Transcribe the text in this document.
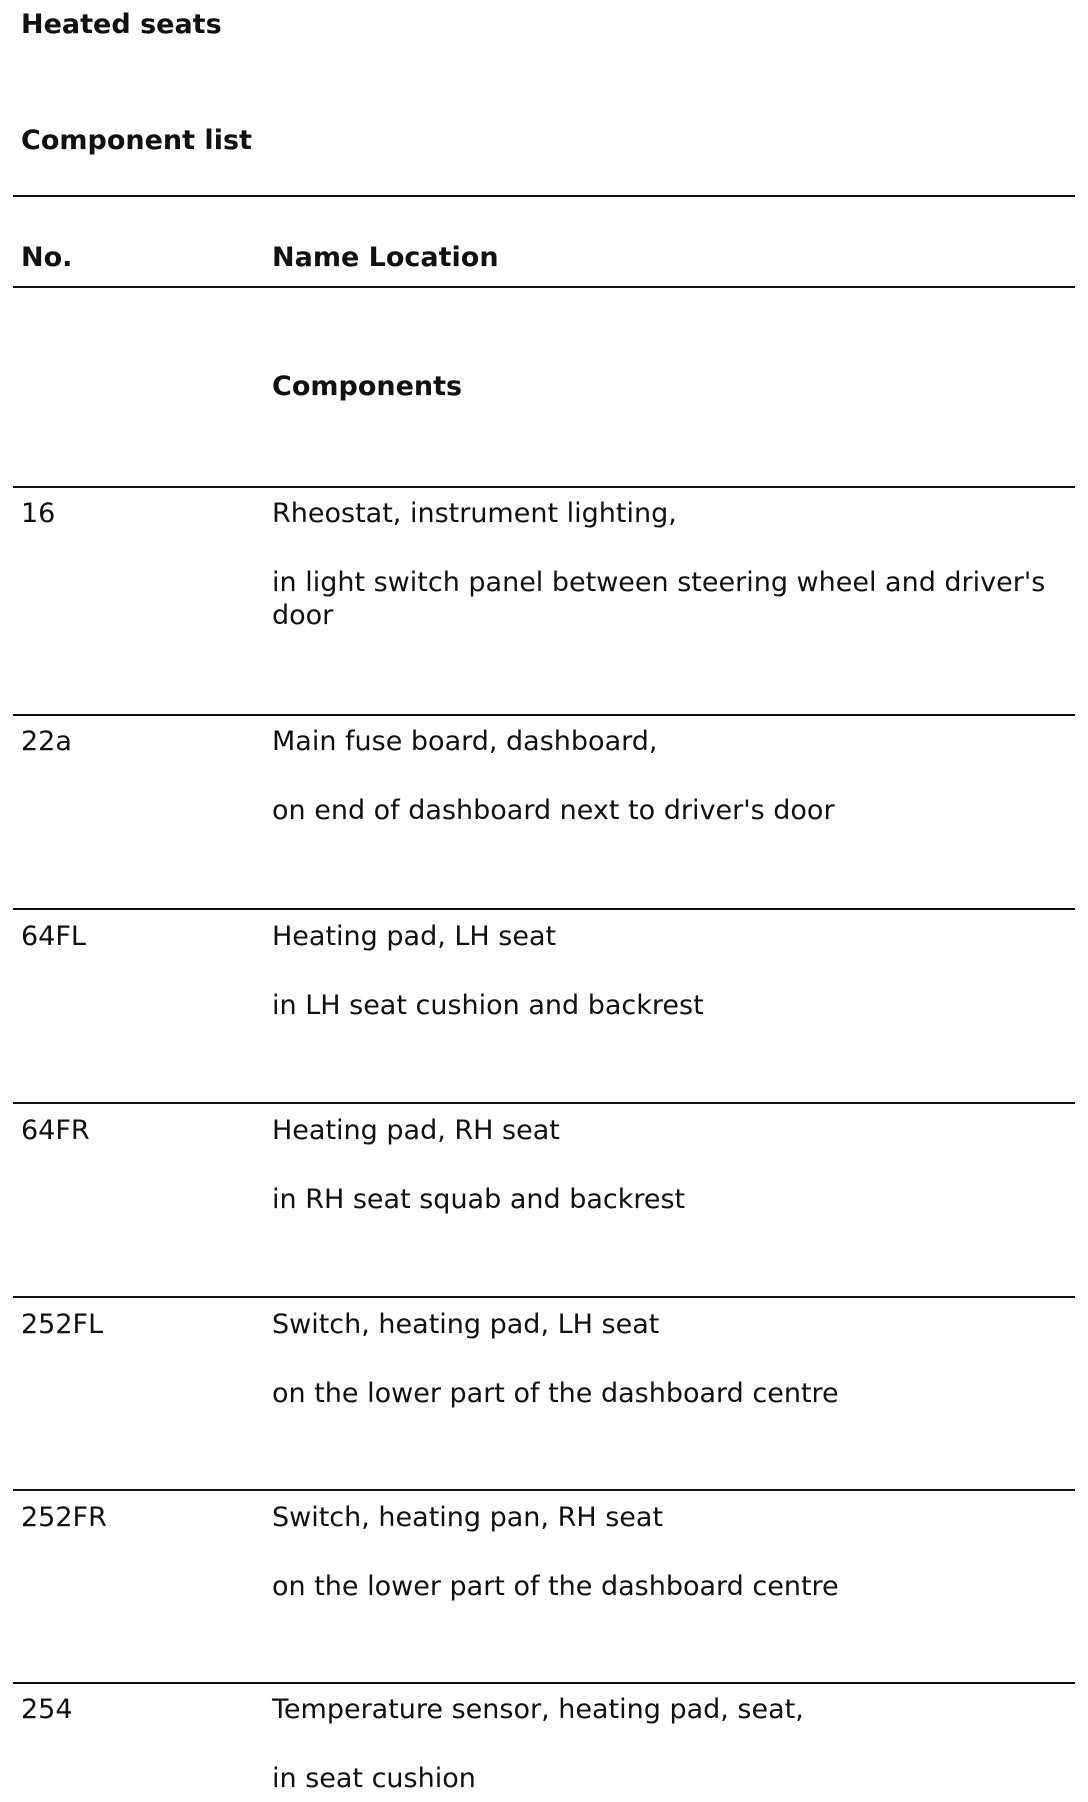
Heated seats
Component list
No.	Name Location
Components
16	Rheostat, instrument lighting,
in light switch panel between steering wheel and driver's door
22a	Main fuse board, dashboard,
on end of dashboard next to driver's door
64FL	Heating pad, LH seat
in LH seat cushion and backrest
64FR	Heating pad, RH seat
in RH seat squab and backrest
252FL	Switch, heating pad, LH seat
on the lower part of the dashboard centre
252FR	Switch, heating pan, RH seat
on the lower part of the dashboard centre
254	Temperature sensor, heating pad, seat,
in seat cushion
